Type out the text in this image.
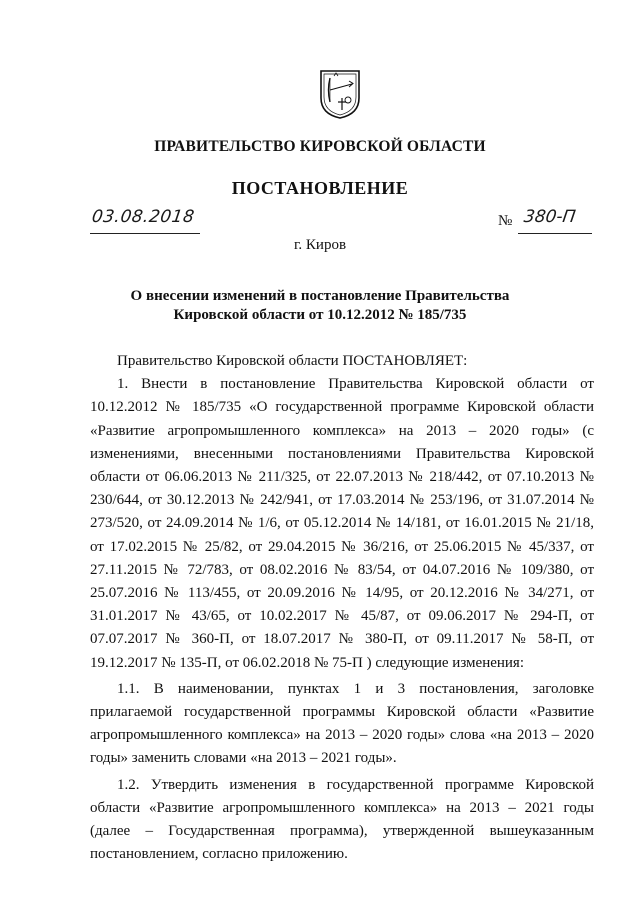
ПРАВИТЕЛЬСТВО КИРОВСКОЙ ОБЛАСТИ
ПОСТАНОВЛЕНИЕ
03.08.2018	№ 380-П
г. Киров
О внесении изменений в постановление Правительства
Кировской области от 10.12.2012 № 185/735

Правительство Кировской области ПОСТАНОВЛЯЕТ:

1. Внести в постановление Правительства Кировской области от 10.12.2012 № 185/735 «О государственной программе Кировской области «Развитие агропромышленного комплекса» на 2013 – 2020 годы» (с изменениями, внесенными постановлениями Правительства Кировской области от 06.06.2013 № 211/325, от 22.07.2013 № 218/442, от 07.10.2013 № 230/644, от 30.12.2013 № 242/941, от 17.03.2014 № 253/196, от 31.07.2014 № 273/520, от 24.09.2014 № 1/6, от 05.12.2014 № 14/181, от 16.01.2015 № 21/18, от 17.02.2015 № 25/82, от 29.04.2015 № 36/216, от 25.06.2015 № 45/337, от 27.11.2015 № 72/783, от 08.02.2016 № 83/54, от 04.07.2016 № 109/380, от 25.07.2016 № 113/455, от 20.09.2016 № 14/95, от 20.12.2016 № 34/271, от 31.01.2017 № 43/65, от 10.02.2017 № 45/87, от 09.06.2017 № 294-П, от 07.07.2017 № 360-П, от 18.07.2017 № 380-П, от 09.11.2017 № 58-П, от 19.12.2017 № 135-П, от 06.02.2018 № 75-П ) следующие изменения:

1.1. В наименовании, пунктах 1 и 3 постановления, заголовке прилагаемой государственной программы Кировской области «Развитие агропромышленного комплекса» на 2013 – 2020 годы» слова «на 2013 – 2020 годы» заменить словами «на 2013 – 2021 годы».

1.2. Утвердить изменения в государственной программе Кировской области «Развитие агропромышленного комплекса» на 2013 – 2021 годы (далее – Государственная программа), утвержденной вышеуказанным постановлением, согласно приложению.
